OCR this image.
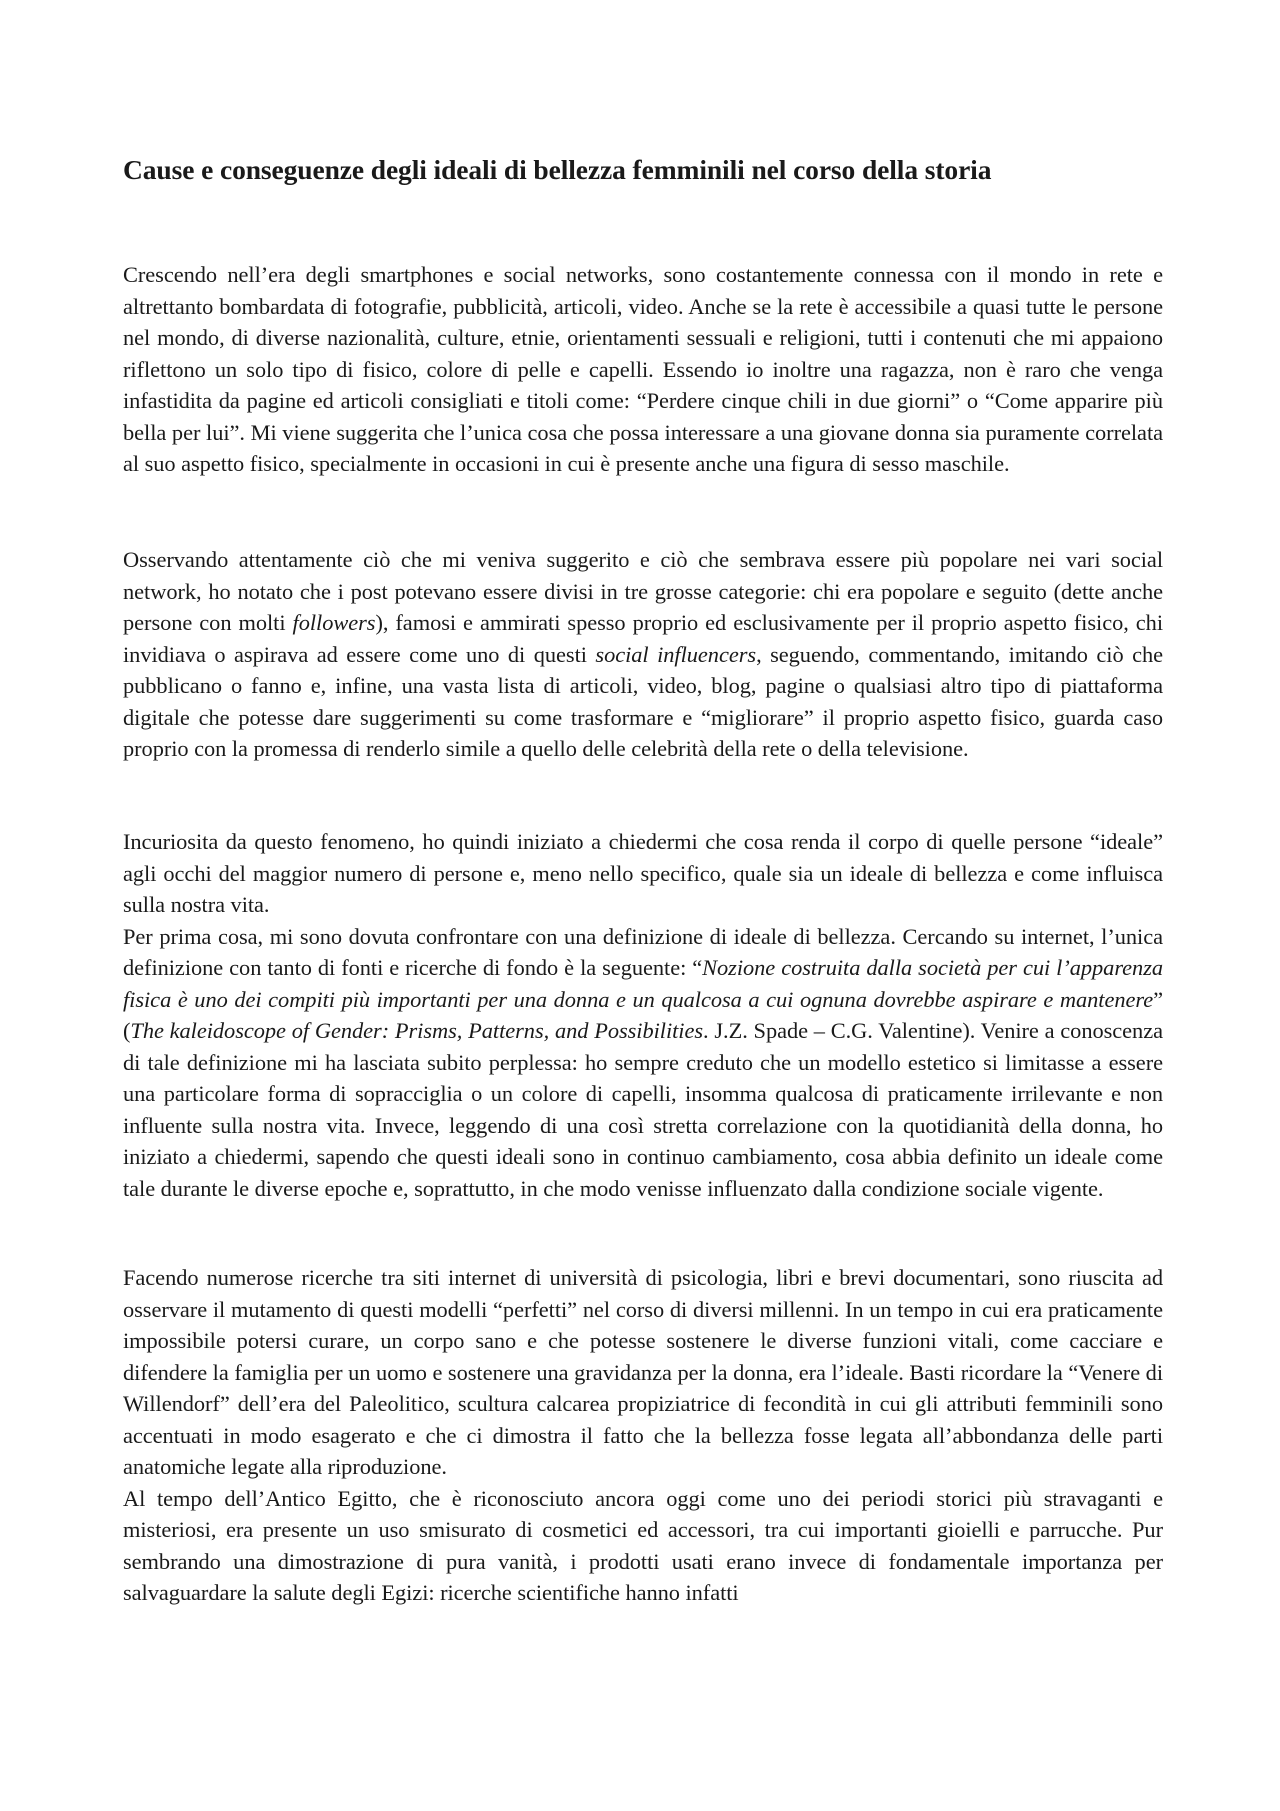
Cause e conseguenze degli ideali di bellezza femminili nel corso della storia

Crescendo nell’era degli smartphones e social networks, sono costantemente connessa con il mondo in rete e altrettanto bombardata di fotografie, pubblicità, articoli, video. Anche se la rete è accessibile a quasi tutte le persone nel mondo, di diverse nazionalità, culture, etnie, orientamenti sessuali e religioni, tutti i contenuti che mi appaiono riflettono un solo tipo di fisico, colore di pelle e capelli. Essendo io inoltre una ragazza, non è raro che venga infastidita da pagine ed articoli consigliati e titoli come: “Perdere cinque chili in due giorni” o “Come apparire più bella per lui”. Mi viene suggerita che l’unica cosa che possa interessare a una giovane donna sia puramente correlata al suo aspetto fisico, specialmente in occasioni in cui è presente anche una figura di sesso maschile.

Osservando attentamente ciò che mi veniva suggerito e ciò che sembrava essere più popolare nei vari social network, ho notato che i post potevano essere divisi in tre grosse categorie: chi era popolare e seguito (dette anche persone con molti followers), famosi e ammirati spesso proprio ed esclusivamente per il proprio aspetto fisico, chi invidiava o aspirava ad essere come uno di questi social influencers, seguendo, commentando, imitando ciò che pubblicano o fanno e, infine, una vasta lista di articoli, video, blog, pagine o qualsiasi altro tipo di piattaforma digitale che potesse dare suggerimenti su come trasformare e “migliorare” il proprio aspetto fisico, guarda caso proprio con la promessa di renderlo simile a quello delle celebrità della rete o della televisione.

Incuriosita da questo fenomeno, ho quindi iniziato a chiedermi che cosa renda il corpo di quelle persone “ideale” agli occhi del maggior numero di persone e, meno nello specifico, quale sia un ideale di bellezza e come influisca sulla nostra vita.
Per prima cosa, mi sono dovuta confrontare con una definizione di ideale di bellezza. Cercando su internet, l’unica definizione con tanto di fonti e ricerche di fondo è la seguente: “Nozione costruita dalla società per cui l’apparenza fisica è uno dei compiti più importanti per una donna e un qualcosa a cui ognuna dovrebbe aspirare e mantenere” (The kaleidoscope of Gender: Prisms, Patterns, and Possibilities. J.Z. Spade – C.G. Valentine). Venire a conoscenza di tale definizione mi ha lasciata subito perplessa: ho sempre creduto che un modello estetico si limitasse a essere una particolare forma di sopracciglia o un colore di capelli, insomma qualcosa di praticamente irrilevante e non influente sulla nostra vita. Invece, leggendo di una così stretta correlazione con la quotidianità della donna, ho iniziato a chiedermi, sapendo che questi ideali sono in continuo cambiamento, cosa abbia definito un ideale come tale durante le diverse epoche e, soprattutto, in che modo venisse influenzato dalla condizione sociale vigente.

Facendo numerose ricerche tra siti internet di università di psicologia, libri e brevi documentari, sono riuscita ad osservare il mutamento di questi modelli “perfetti” nel corso di diversi millenni. In un tempo in cui era praticamente impossibile potersi curare, un corpo sano e che potesse sostenere le diverse funzioni vitali, come cacciare e difendere la famiglia per un uomo e sostenere una gravidanza per la donna, era l’ideale. Basti ricordare la “Venere di Willendorf” dell’era del Paleolitico, scultura calcarea propiziatrice di fecondità in cui gli attributi femminili sono accentuati in modo esagerato e che ci dimostra il fatto che la bellezza fosse legata all’abbondanza delle parti anatomiche legate alla riproduzione.
Al tempo dell’Antico Egitto, che è riconosciuto ancora oggi come uno dei periodi storici più stravaganti e misteriosi, era presente un uso smisurato di cosmetici ed accessori, tra cui importanti gioielli e parrucche. Pur sembrando una dimostrazione di pura vanità, i prodotti usati erano invece di fondamentale importanza per salvaguardare la salute degli Egizi: ricerche scientifiche hanno infatti
